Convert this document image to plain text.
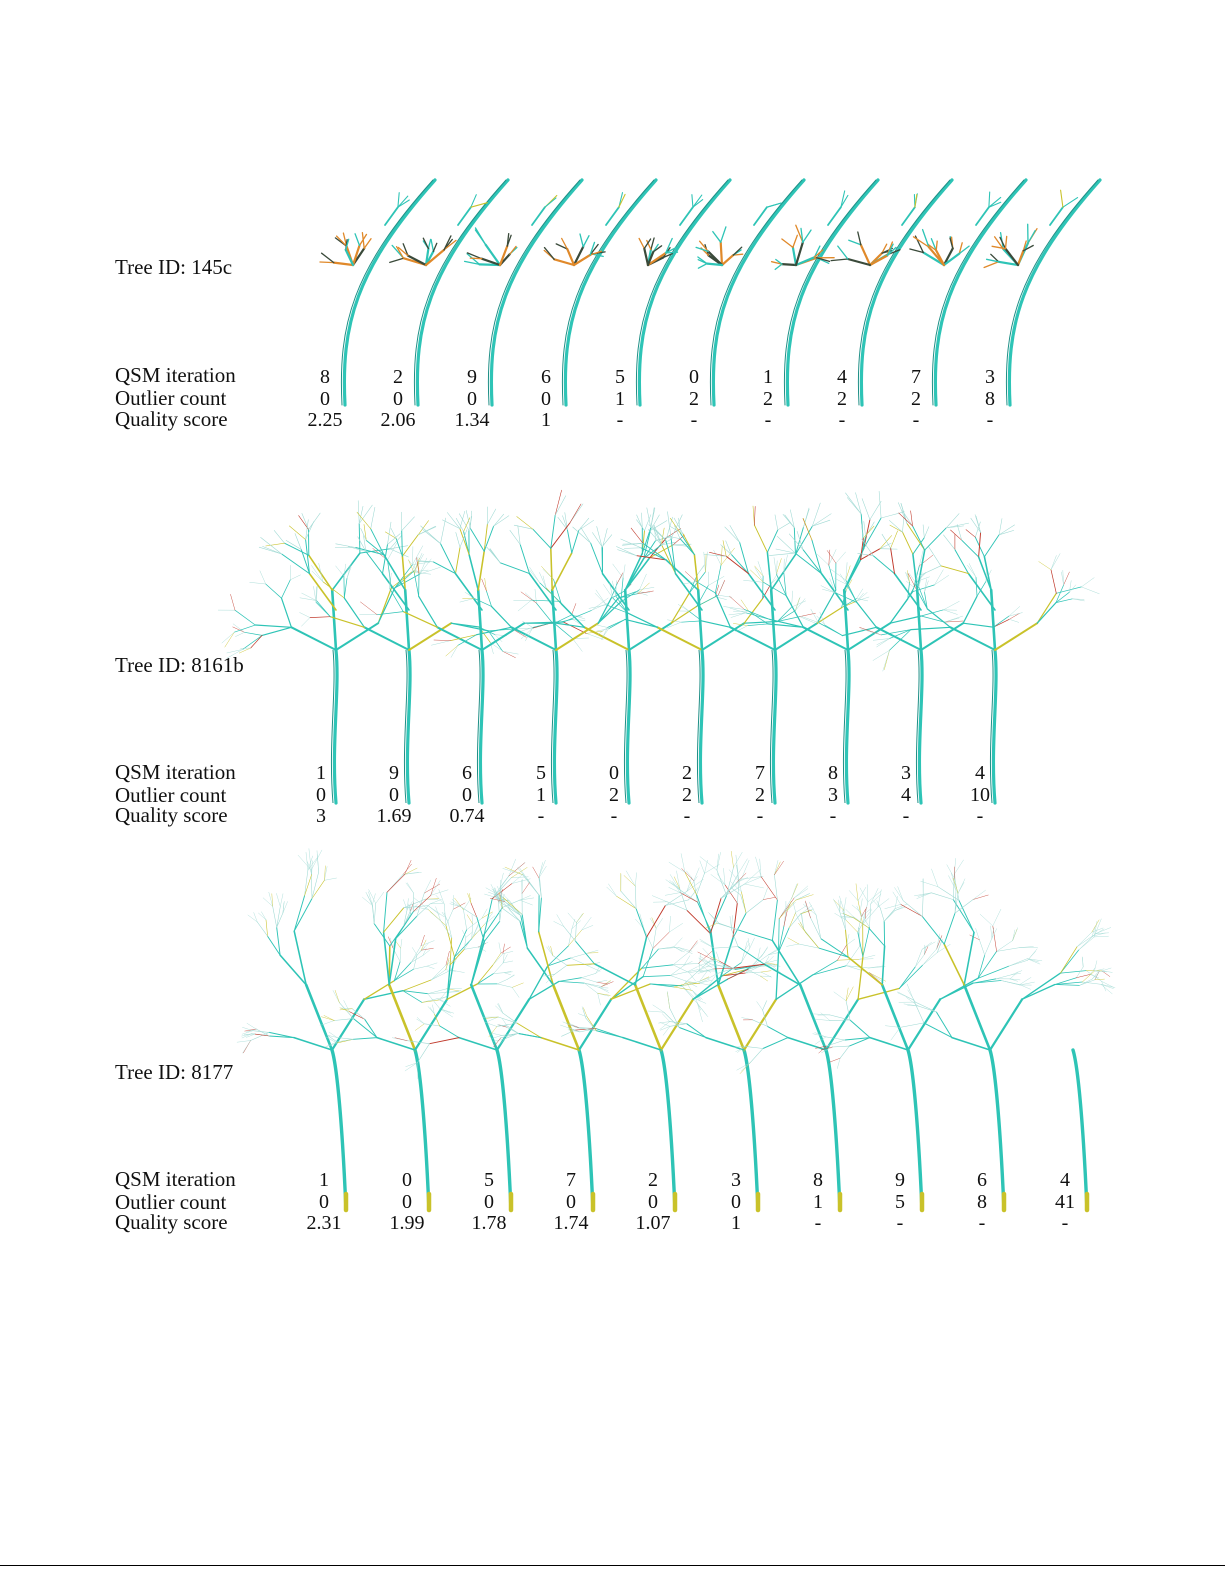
Tree ID: 145c
QSM iteration
Outlier count
Quality score
8
0
2.25
2
0
2.06
9
0
1.34
6
0
1
5
1
-
0
2
-
1
2
-
4
2
-
7
2
-
3
8
-
Tree ID: 8161b
QSM iteration
Outlier count
Quality score
1
0
3
9
0
1.69
6
0
0.74
5
1
-
0
2
-
2
2
-
7
2
-
8
3
-
3
4
-
4
10
-
Tree ID: 8177
QSM iteration
Outlier count
Quality score
1
0
2.31
0
0
1.99
5
0
1.78
7
0
1.74
2
0
1.07
3
0
1
8
1
-
9
5
-
6
8
-
4
41
-
